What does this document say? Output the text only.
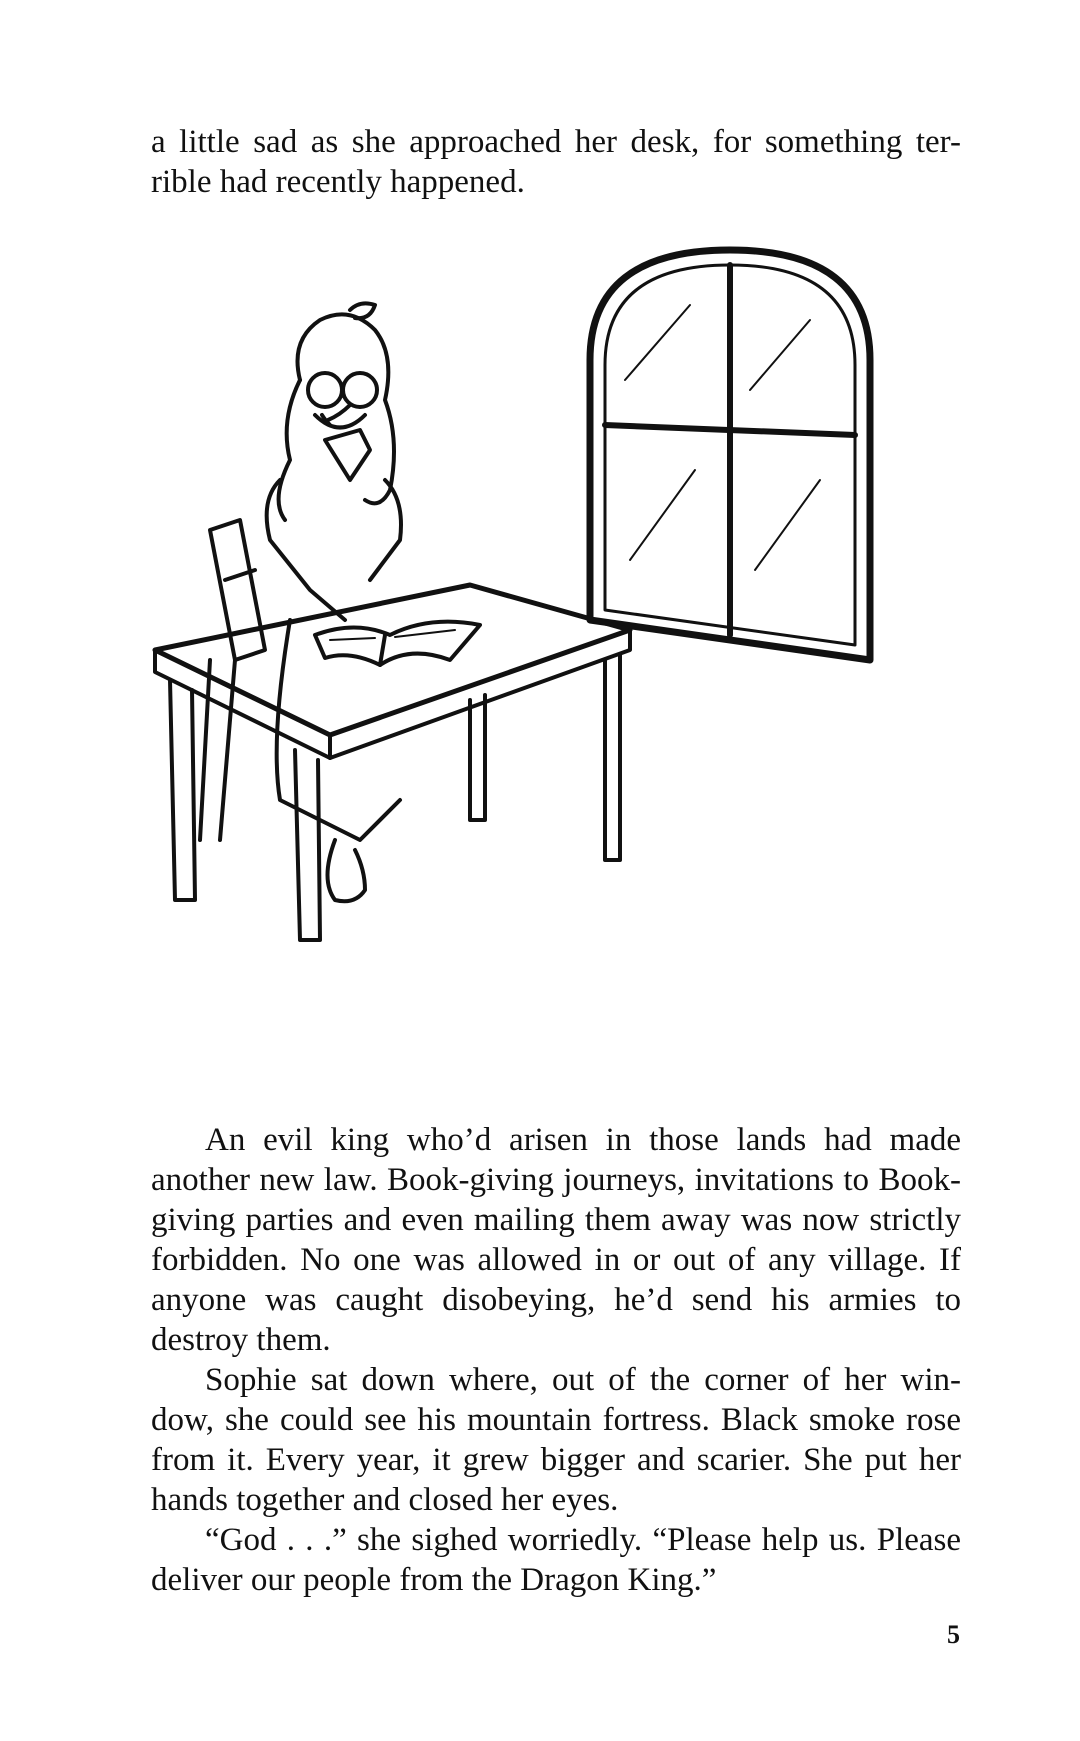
a little sad as she approached her desk, for something ter-rible had recently happened.

An evil king who’d arisen in those lands had made another new law. Book-giving journeys, invitations to Book-giving parties and even mailing them away was now strictly forbidden. No one was allowed in or out of any village. If anyone was caught disobeying, he’d send his armies to destroy them.

Sophie sat down where, out of the corner of her win-dow, she could see his mountain fortress. Black smoke rose from it. Every year, it grew bigger and scarier. She put her hands together and closed her eyes.

“God . . .” she sighed worriedly. “Please help us. Please deliver our people from the Dragon King.”

5
